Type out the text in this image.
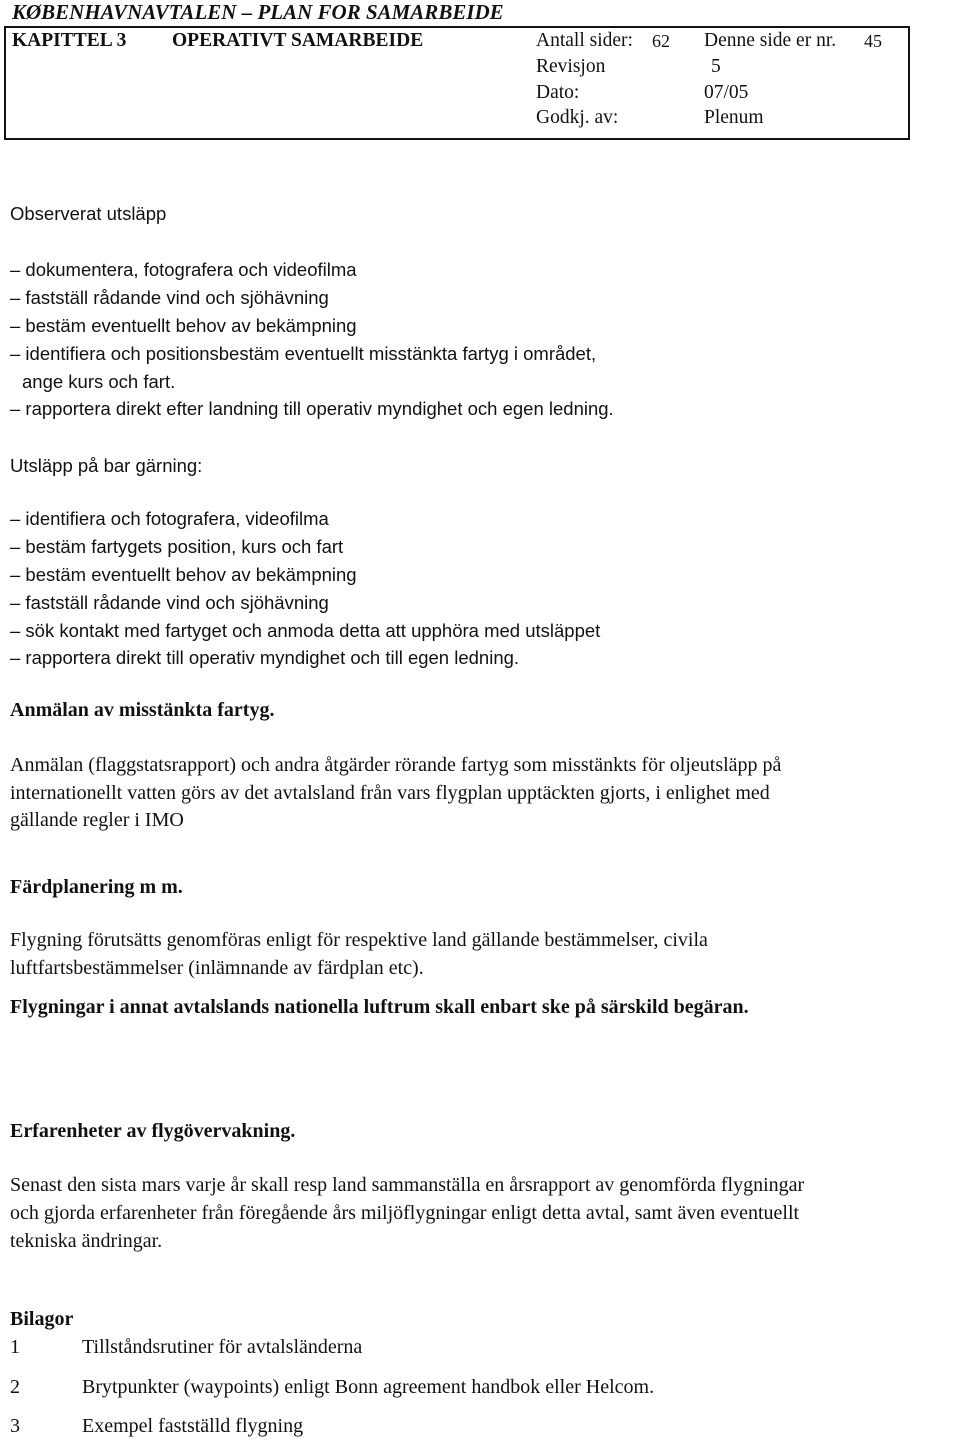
KØBENHAVNAVTALEN – PLAN FOR SAMARBEIDE
KAPITTEL 3 OPERATIVT SAMARBEIDE	Antall sider: 62 Denne side er nr. 45
Revisjon	5
Dato:	07/05
Godkj. av:	Plenum
Observerat utsläpp
– dokumentera, fotografera och videofilma
– fastställ rådande vind och sjöhävning
– bestäm eventuellt behov av bekämpning
– identifiera och positionsbestäm eventuellt misstänkta fartyg i området,
ange kurs och fart.
– rapportera direkt efter landning till operativ myndighet och egen ledning.
Utsläpp på bar gärning:
– identifiera och fotografera, videofilma
– bestäm fartygets position, kurs och fart
– bestäm eventuellt behov av bekämpning
– fastställ rådande vind och sjöhävning
– sök kontakt med fartyget och anmoda detta att upphöra med utsläppet
– rapportera direkt till operativ myndighet och till egen ledning.
Anmälan av misstänkta fartyg.
Anmälan (flaggstatsrapport) och andra åtgärder rörande fartyg som misstänkts för oljeutsläpp på
internationellt vatten görs av det avtalsland från vars flygplan upptäckten gjorts, i enlighet med
gällande regler i IMO
Färdplanering m m.
Flygning förutsätts genomföras enligt för respektive land gällande bestämmelser, civila
luftfartsbestämmelser (inlämnande av färdplan etc).
Flygningar i annat avtalslands nationella luftrum skall enbart ske på särskild begäran.
Erfarenheter av flygövervakning.
Senast den sista mars varje år skall resp land sammanställa en årsrapport av genomförda flygningar
och gjorda erfarenheter från föregående års miljöflygningar enligt detta avtal, samt även eventuellt
tekniska ändringar.
Bilagor
1	Tillståndsrutiner för avtalsländerna
2	Brytpunkter (waypoints) enligt Bonn agreement handbok eller Helcom.
3	Exempel fastställd flygning
